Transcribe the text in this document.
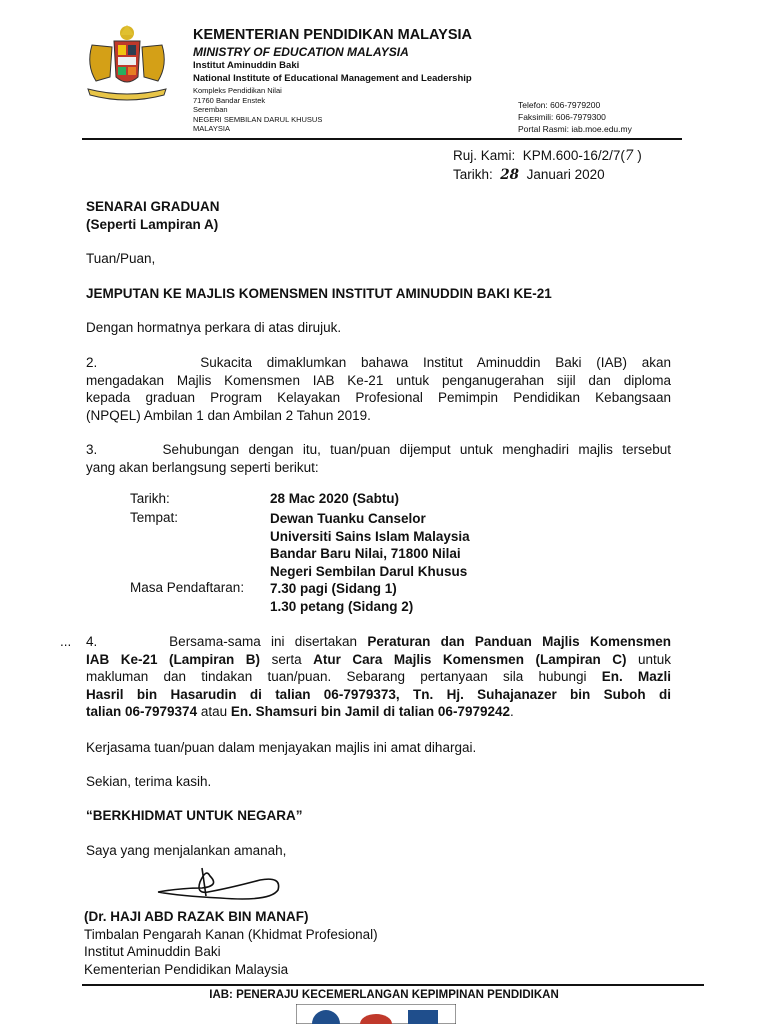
KEMENTERIAN PENDIDIKAN MALAYSIA
MINISTRY OF EDUCATION MALAYSIA
Institut Aminuddin Baki
National Institute of Educational Management and Leadership
Kompleks Pendidikan Nilai
71760 Bandar Enstek
Seremban
NEGERI SEMBILAN DARUL KHUSUS
MALAYSIA
Telefon: 606-7979200
Faksimili: 606-7979300
Portal Rasmi: iab.moe.edu.my
Ruj. Kami: KPM.600-16/2/7(7 )
Tarikh: 28 Januari 2020
SENARAI GRADUAN
(Seperti Lampiran A)
Tuan/Puan,
JEMPUTAN KE MAJLIS KOMENSMEN INSTITUT AMINUDDIN BAKI KE-21
Dengan hormatnya perkara di atas dirujuk.
2.       Sukacita dimaklumkan bahawa Institut Aminuddin Baki (IAB) akan
mengadakan Majlis Komensmen IAB Ke-21 untuk penganugerahan sijil dan diploma
kepada graduan Program Kelayakan Profesional Pemimpin Pendidikan Kebangsaan
(NPQEL) Ambilan 1 dan Ambilan 2 Tahun 2019.
3.       Sehubungan dengan itu, tuan/puan dijemput untuk menghadiri majlis tersebut
yang akan berlangsung seperti berikut:
Tarikh:	28 Mac 2020 (Sabtu)
Tempat:	Dewan Tuanku Canselor
Universiti Sains Islam Malaysia
Bandar Baru Nilai, 71800 Nilai
Negeri Sembilan Darul Khusus
Masa Pendaftaran: 7.30 pagi (Sidang 1)
1.30 petang (Sidang 2)
... 4.       Bersama-sama ini disertakan Peraturan dan Panduan Majlis Komensmen
IAB Ke-21 (Lampiran B) serta Atur Cara Majlis Komensmen (Lampiran C) untuk
makluman dan tindakan tuan/puan. Sebarang pertanyaan sila hubungi En. Mazli
Hasril bin Hasarudin di talian 06-7979373, Tn. Hj. Suhajanazer bin Suboh di
talian 06-7979374 atau En. Shamsuri bin Jamil di talian 06-7979242.
Kerjasama tuan/puan dalam menjayakan majlis ini amat dihargai.
Sekian, terima kasih.
“BERKHIDMAT UNTUK NEGARA”
Saya yang menjalankan amanah,
(Dr. HAJI ABD RAZAK BIN MANAF)
Timbalan Pengarah Kanan (Khidmat Profesional)
Institut Aminuddin Baki
Kementerian Pendidikan Malaysia
IAB: PENERAJU KECEMERLANGAN KEPIMPINAN PENDIDIKAN
